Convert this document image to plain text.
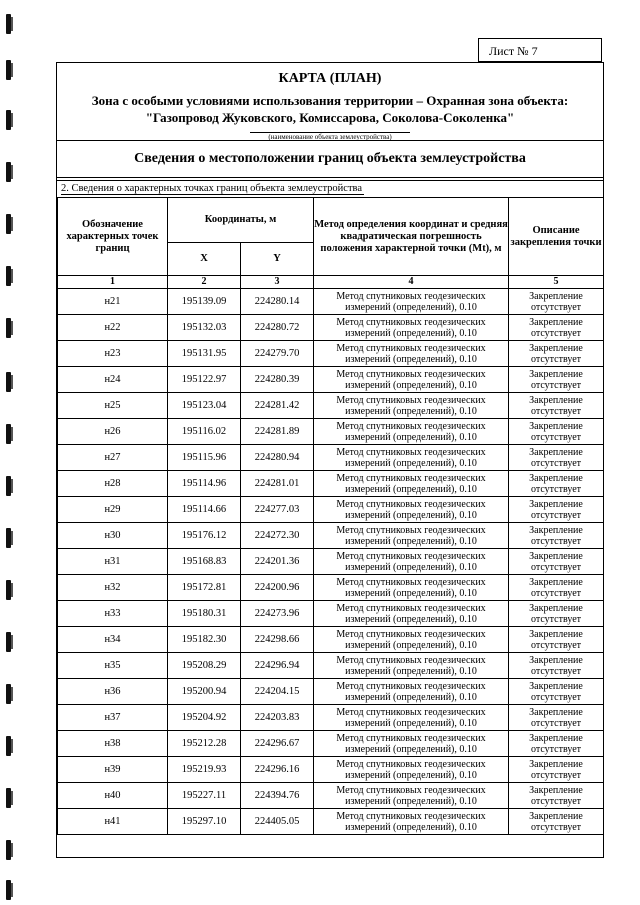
Лист № 7
КАРТА (ПЛАН)
Зона с особыми условиями использования территории – Охранная зона объекта:
"Газопровод Жуковского, Комиссарова, Соколова-Соколенка"
(наименование объекта землеустройства)
Сведения о местоположении границ объекта землеустройства
2. Сведения о характерных точках границ объекта землеустройства
Обозначение характерных точек границ	Координаты, м		Метод определения координат и средняя квадратическая погрешность положения характерной точки (Mt), м	Описание закрепления точки
	X	Y		
1	2	3	4	5
н21	195139.09	224280.14	Метод спутниковых геодезических
измерений (определений), 0.10	Закрепление
отсутствует

н22	195132.03	224280.72	Метод спутниковых геодезических
измерений (определений), 0.10	Закрепление
отсутствует

н23	195131.95	224279.70	Метод спутниковых геодезических
измерений (определений), 0.10	Закрепление
отсутствует

н24	195122.97	224280.39	Метод спутниковых геодезических
измерений (определений), 0.10	Закрепление
отсутствует

н25	195123.04	224281.42	Метод спутниковых геодезических
измерений (определений), 0.10	Закрепление
отсутствует

н26	195116.02	224281.89	Метод спутниковых геодезических
измерений (определений), 0.10	Закрепление
отсутствует

н27	195115.96	224280.94	Метод спутниковых геодезических
измерений (определений), 0.10	Закрепление
отсутствует

н28	195114.96	224281.01	Метод спутниковых геодезических
измерений (определений), 0.10	Закрепление
отсутствует

н29	195114.66	224277.03	Метод спутниковых геодезических
измерений (определений), 0.10	Закрепление
отсутствует

н30	195176.12	224272.30	Метод спутниковых геодезических
измерений (определений), 0.10	Закрепление
отсутствует

н31	195168.83	224201.36	Метод спутниковых геодезических
измерений (определений), 0.10	Закрепление
отсутствует

н32	195172.81	224200.96	Метод спутниковых геодезических
измерений (определений), 0.10	Закрепление
отсутствует

н33	195180.31	224273.96	Метод спутниковых геодезических
измерений (определений), 0.10	Закрепление
отсутствует

н34	195182.30	224298.66	Метод спутниковых геодезических
измерений (определений), 0.10	Закрепление
отсутствует

н35	195208.29	224296.94	Метод спутниковых геодезических
измерений (определений), 0.10	Закрепление
отсутствует

н36	195200.94	224204.15	Метод спутниковых геодезических
измерений (определений), 0.10	Закрепление
отсутствует

н37	195204.92	224203.83	Метод спутниковых геодезических
измерений (определений), 0.10	Закрепление
отсутствует

н38	195212.28	224296.67	Метод спутниковых геодезических
измерений (определений), 0.10	Закрепление
отсутствует

н39	195219.93	224296.16	Метод спутниковых геодезических
измерений (определений), 0.10	Закрепление
отсутствует

н40	195227.11	224394.76	Метод спутниковых геодезических
измерений (определений), 0.10	Закрепление
отсутствует

н41	195297.10	224405.05	Метод спутниковых геодезических
измерений (определений), 0.10	Закрепление
отсутствует
